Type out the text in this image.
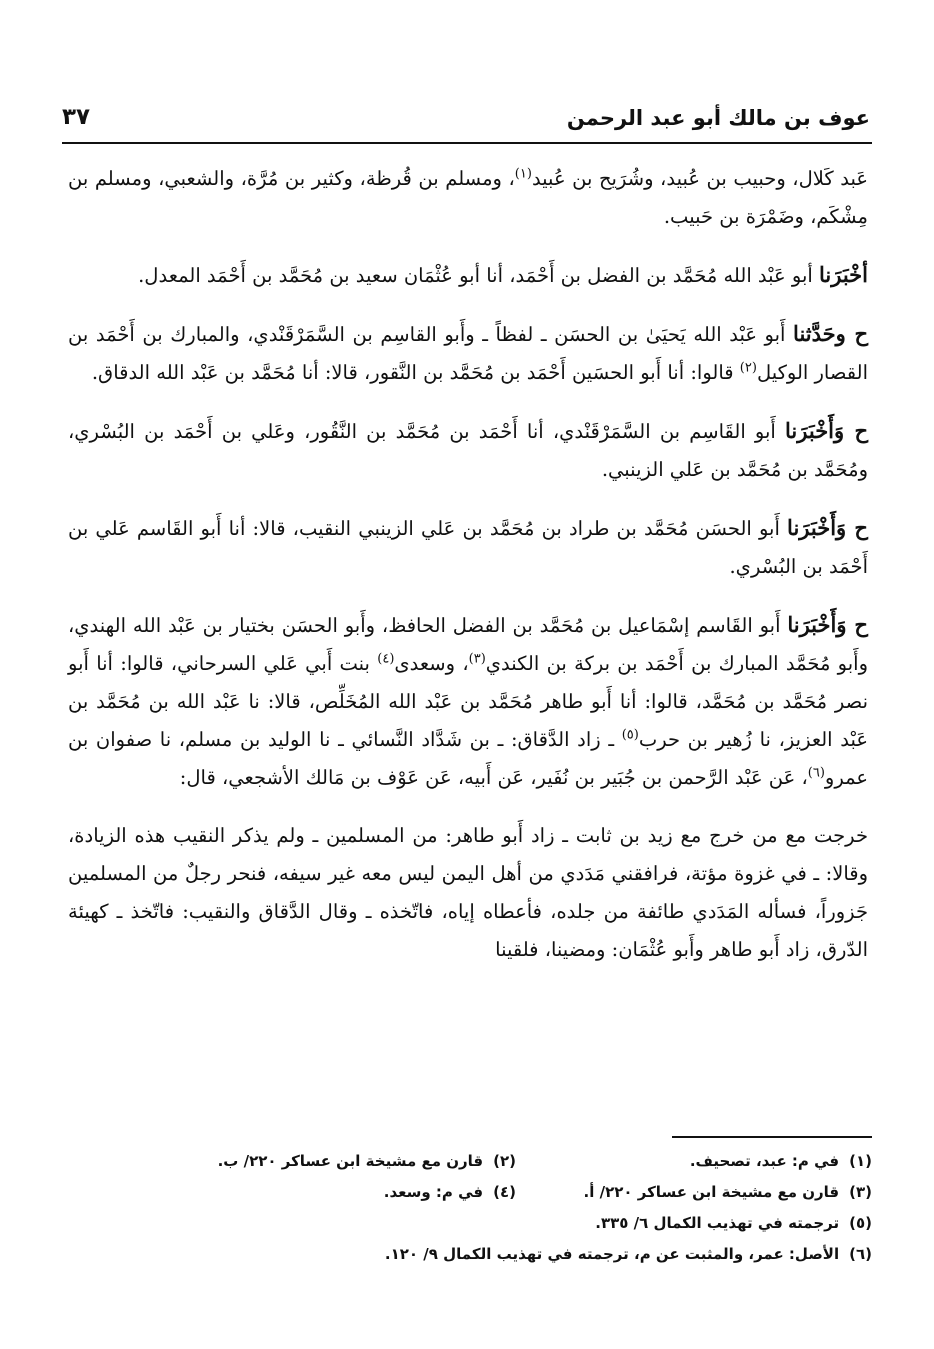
عوف بن مالك أبو عبد الرحمن
٣٧

عَبد كَلال، وحبيب بن عُبيد، وشُرَيح بن عُبيد$^{(١)}$، ومسلم بن قُرظة، وكثير بن مُرَّة، والشعبي، ومسلم بن مِشْكَم، وضَمْرَة بن حَبيب.

أخْبَرَنا أبو عَبْد الله مُحَمَّد بن الفضل بن أَحْمَد، أنا أبو عُثْمَان سعيد بن مُحَمَّد بن أَحْمَد المعدل.

ح وحَدَّثنا أَبو عَبْد الله يَحيَىٰ بن الحسَن ـ لفظاً ـ وأَبو القاسِم بن السَّمَرْقَنْدي، والمبارك بن أَحْمَد بن القصار الوكيل$^{(٢)}$ قالوا: أنا أَبو الحسَين أَحْمَد بن مُحَمَّد بن النَّقور، قالا: أنا مُحَمَّد بن عَبْد الله الدقاق.

ح وَأَخْبَرَنا أَبو القَاسِم بن السَّمَرْقَنْدي، أنا أَحْمَد بن مُحَمَّد بن النَّقُور، وعَلي بن أَحْمَد بن البُسْري، ومُحَمَّد بن مُحَمَّد بن عَلي الزينبي.

ح وَأَخْبَرَنا أَبو الحسَن مُحَمَّد بن طراد بن مُحَمَّد بن عَلي الزينبي النقيب، قالا: أنا أَبو القَاسم عَلي بن أَحْمَد بن البُسْري.

ح وَأَخْبَرَنا أَبو القَاسم إسْمَاعيل بن مُحَمَّد بن الفضل الحافظ، وأَبو الحسَن بختيار بن عَبْد الله الهندي، وأَبو مُحَمَّد المبارك بن أَحْمَد بن بركة بن الكندي$^{(٣)}$، وسعدى$^{(٤)}$ بنت أَبي عَلي السرحاني، قالوا: أنا أَبو نصر مُحَمَّد بن مُحَمَّد، قالوا: أنا أَبو طاهر مُحَمَّد بن عَبْد الله المُخَلِّص، قالا: نا عَبْد الله بن مُحَمَّد بن عَبْد العزيز، نا زُهير بن حرب$^{(٥)}$ ـ زاد الدَّقاق: ـ بن شَدَّاد النَّسائي ـ نا الوليد بن مسلم، نا صفوان بن عمرو$^{(٦)}$، عَن عَبْد الرَّحمن بن جُبَير بن نُفَير، عَن أَبيه، عَن عَوْف بن مَالك الأشجعي، قال:

خرجت مع من خرج مع زيد بن ثابت ـ زاد أَبو طاهر: من المسلمين ـ ولم يذكر النقيب هذه الزيادة، وقالا: ـ في غزوة مؤتة، فرافقني مَدَدي من أهل اليمن ليس معه غير سيفه، فنحر رجلٌ من المسلمين جَزوراً، فسأله المَدَدي طائفة من جلده، فأعطاه إياه، فاتّخذه ـ وقال الدَّقاق والنقيب: فاتّخذ ـ كهيئة الدّرق، زاد أَبو طاهر وأَبو عُثْمَان: ومضينا، فلقينا

(١)في م: عبد، تصحيف.
(٢)قارن مع مشيخة ابن عساكر ٢٢٠/ ب.
(٣)قارن مع مشيخة ابن عساكر ٢٢٠/ أ.
(٤)في م: وسعد.
(٥)ترجمته في تهذيب الكمال ٦/ ٣٣٥.
(٦)الأصل: عمر، والمثبت عن م، ترجمته في تهذيب الكمال ٩/ ١٢٠.
